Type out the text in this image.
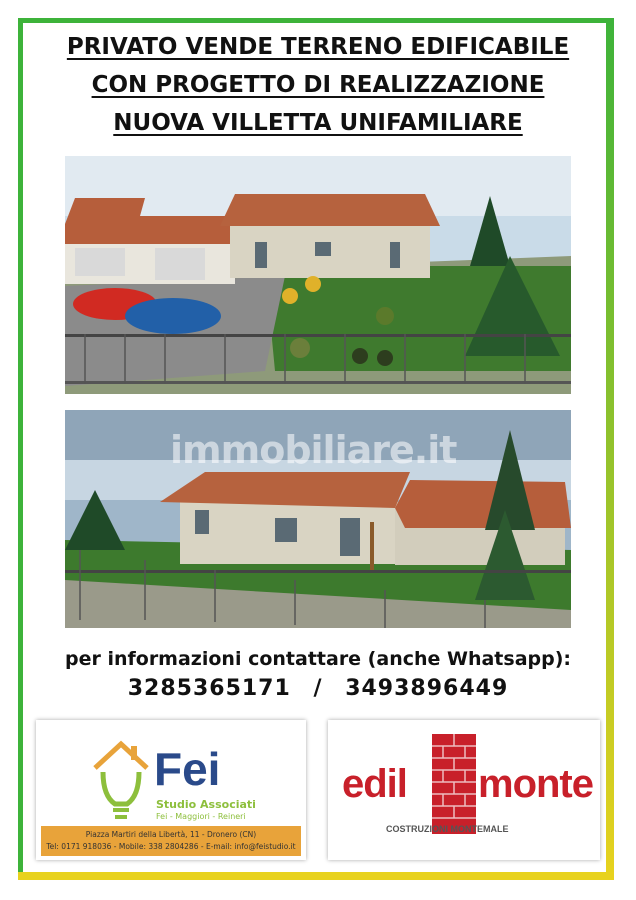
PRIVATO VENDE TERRENO EDIFICABILE
CON PROGETTO DI REALIZZAZIONE
NUOVA VILLETTA UNIFAMILIARE
immobiliare.it
per informazioni contattare (anche Whatsapp):
3285365171 / 3493896449
Fei
Studio Associati
Fei - Maggiori - Reineri
Piazza Martiri della Libertà, 11 - Dronero (CN)
Tel: 0171 918036 - Mobile: 338 2804286 - E-mail: info@feistudio.it
edil monte
COSTRUZIONI MONTEMALE
